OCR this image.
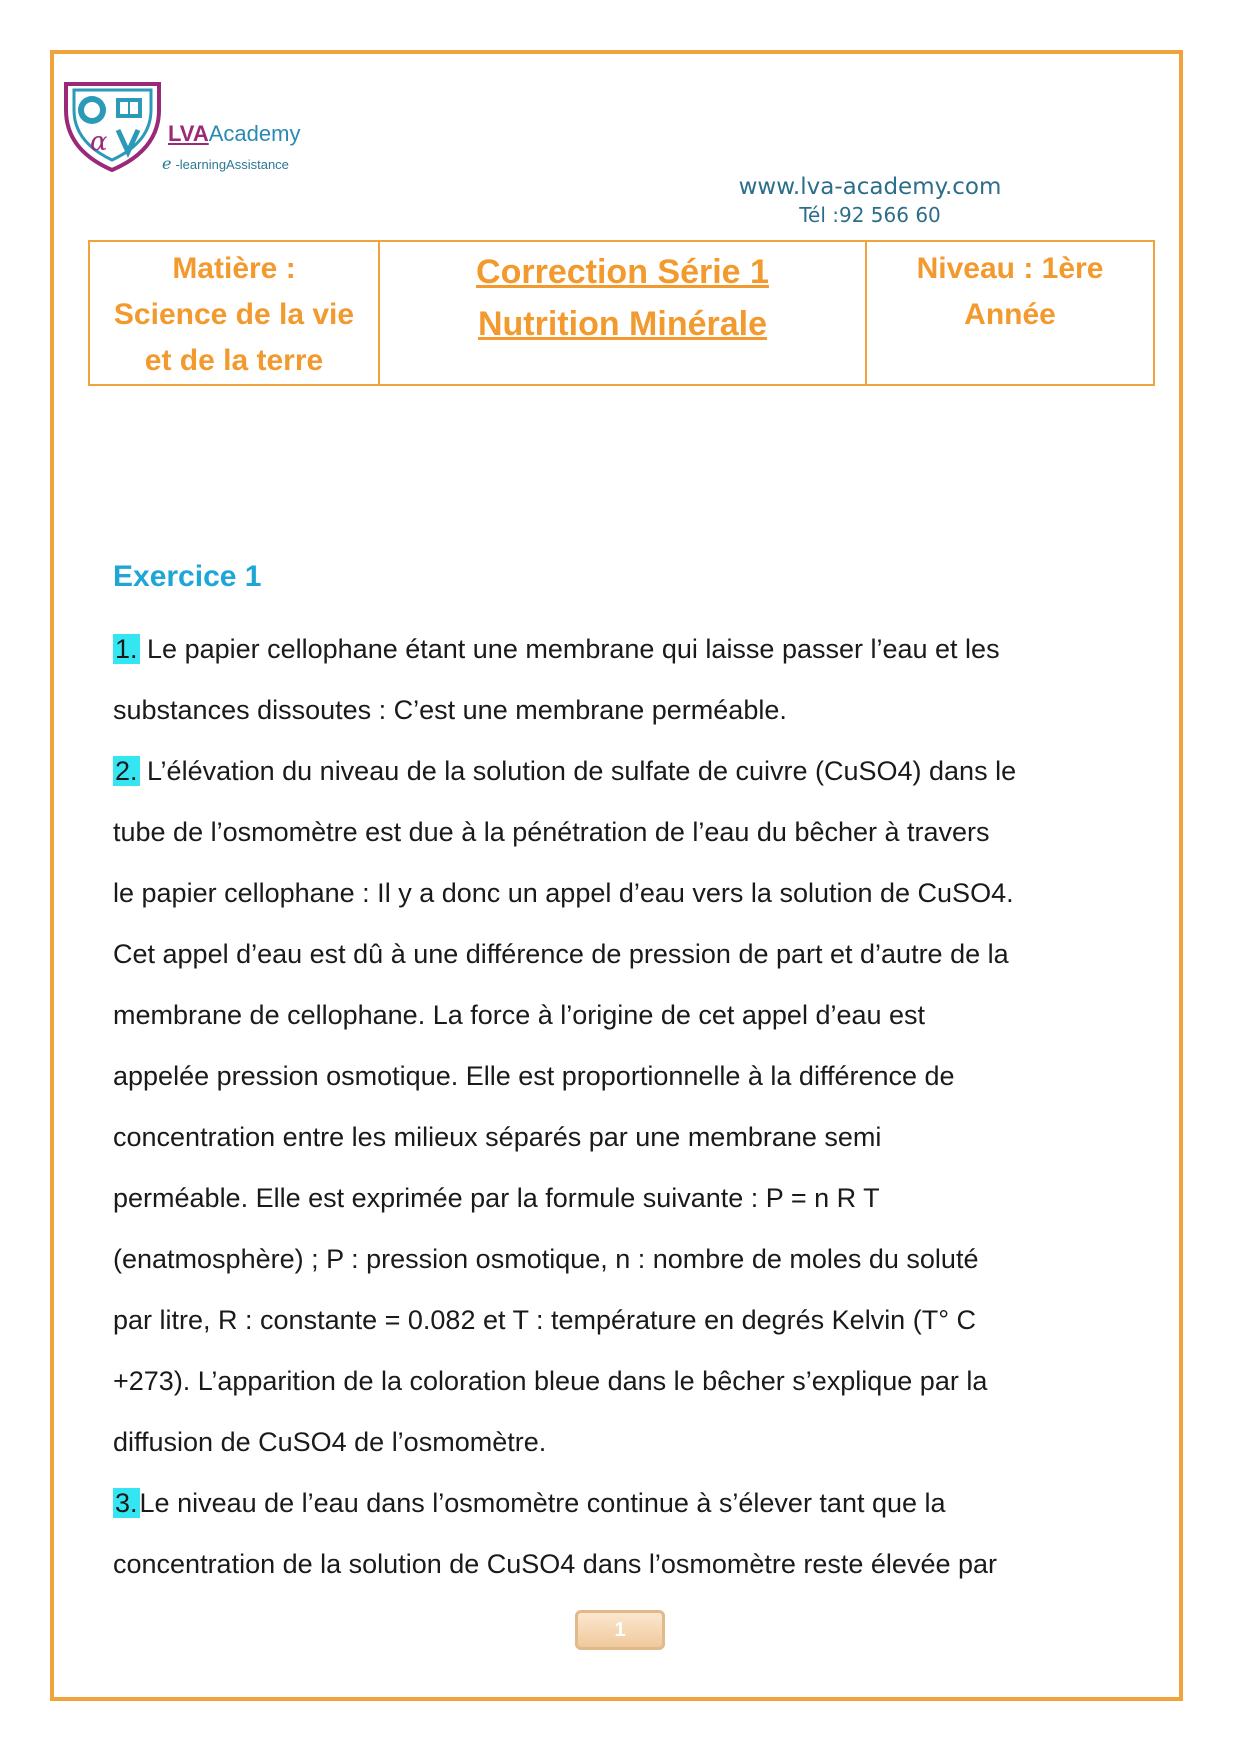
α	LVAAcademy
e -learningAssistance
www.lva-academy.com
Tél :92 566 60
Matière :
Science de la vie
et de la terre

Correction Série 1
Nutrition Minérale

Niveau : 1ère
Année
Exercice 1
1. Le papier cellophane étant une membrane qui laisse passer l’eau et les
substances dissoutes : C’est une membrane perméable.
2. L’élévation du niveau de la solution de sulfate de cuivre (CuSO4) dans le
tube de l’osmomètre est due à la pénétration de l’eau du bêcher à travers
le papier cellophane : Il y a donc un appel d’eau vers la solution de CuSO4.
Cet appel d’eau est dû à une différence de pression de part et d’autre de la
membrane de cellophane. La force à l’origine de cet appel d’eau est
appelée pression osmotique. Elle est proportionnelle à la différence de
concentration entre les milieux séparés par une membrane semi
perméable. Elle est exprimée par la formule suivante : P = n R T
(enatmosphère) ; P : pression osmotique, n : nombre de moles du soluté
par litre, R : constante = 0.082 et T : température en degrés Kelvin (T° C
+273). L’apparition de la coloration bleue dans le bêcher s’explique par la
diffusion de CuSO4 de l’osmomètre.
3.Le niveau de l’eau dans l’osmomètre continue à s’élever tant que la
concentration de la solution de CuSO4 dans l’osmomètre reste élevée par
1
